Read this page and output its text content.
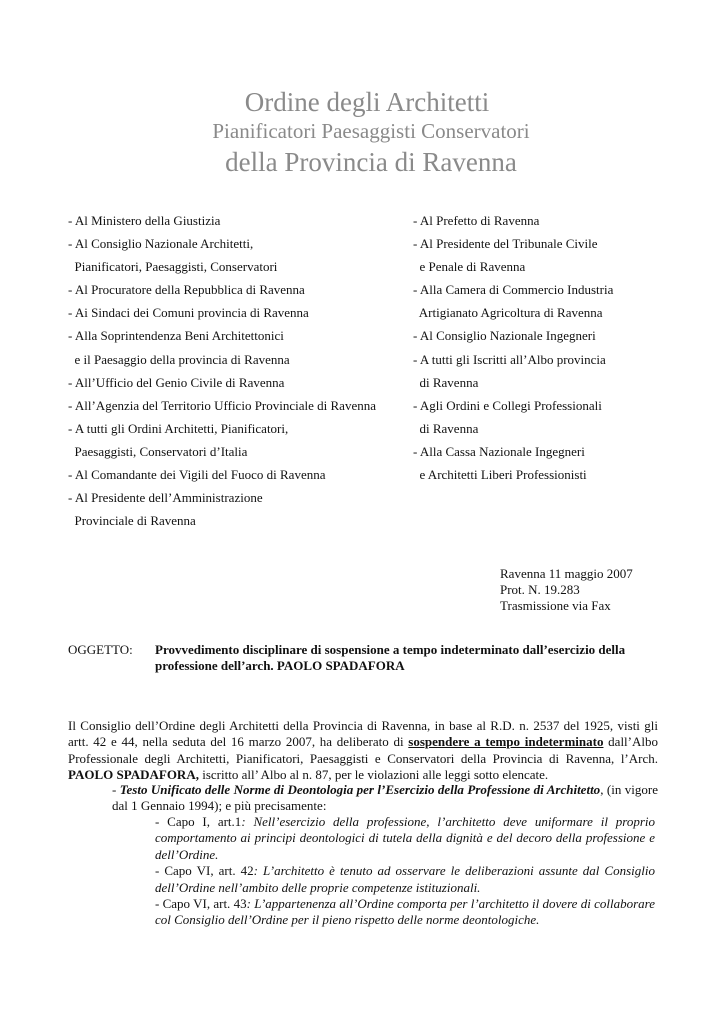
Ordine degli Architetti
Pianificatori Paesaggisti Conservatori
della Provincia di Ravenna
- Al Ministero della Giustizia
- Al Consiglio Nazionale Architetti,
Pianificatori, Paesaggisti, Conservatori
- Al Procuratore della Repubblica di Ravenna
- Ai Sindaci dei Comuni provincia di Ravenna
- Alla Soprintendenza Beni Architettonici
e il Paesaggio della provincia di Ravenna
- All’Ufficio del Genio Civile di Ravenna
- All’Agenzia del Territorio Ufficio Provinciale di Ravenna
- A tutti gli Ordini Architetti, Pianificatori,
Paesaggisti, Conservatori d’Italia
- Al Comandante dei Vigili del Fuoco di Ravenna
- Al Presidente dell’Amministrazione
Provinciale di Ravenna
- Al Prefetto di Ravenna
- Al Presidente del Tribunale Civile
e Penale di Ravenna
- Alla Camera di Commercio Industria
Artigianato Agricoltura di Ravenna
- Al Consiglio Nazionale Ingegneri
- A tutti gli Iscritti all’Albo provincia
di Ravenna
- Agli Ordini e Collegi Professionali
di Ravenna
- Alla Cassa Nazionale Ingegneri
e Architetti Liberi Professionisti
Ravenna 11 maggio 2007
Prot. N. 19.283
Trasmissione via Fax
OGGETTO: Provvedimento disciplinare di sospensione a tempo indeterminato dall’esercizio della professione dell’arch. PAOLO SPADAFORA
Il Consiglio dell’Ordine degli Architetti della Provincia di Ravenna, in base al R.D. n. 2537 del 1925, visti gli artt. 42 e 44, nella seduta del 16 marzo 2007, ha deliberato di sospendere a tempo indeterminato dall’Albo Professionale degli Architetti, Pianificatori, Paesaggisti e Conservatori della Provincia di Ravenna, l’Arch. PAOLO SPADAFORA, iscritto all’ Albo al n. 87, per le violazioni alle leggi sotto elencate.
- Testo Unificato delle Norme di Deontologia per l’Esercizio della Professione di Architetto, (in vigore dal 1 Gennaio 1994); e più precisamente:
- Capo I, art.1: Nell’esercizio della professione, l’architetto deve uniformare il proprio comportamento ai principi deontologici di tutela della dignità e del decoro della professione e dell’Ordine.
- Capo VI, art. 42: L’architetto è tenuto ad osservare le deliberazioni assunte dal Consiglio dell’Ordine nell’ambito delle proprie competenze istituzionali.
- Capo VI, art. 43: L’appartenenza all’Ordine comporta per l’architetto il dovere di collaborare col Consiglio dell’Ordine per il pieno rispetto delle norme deontologiche.
